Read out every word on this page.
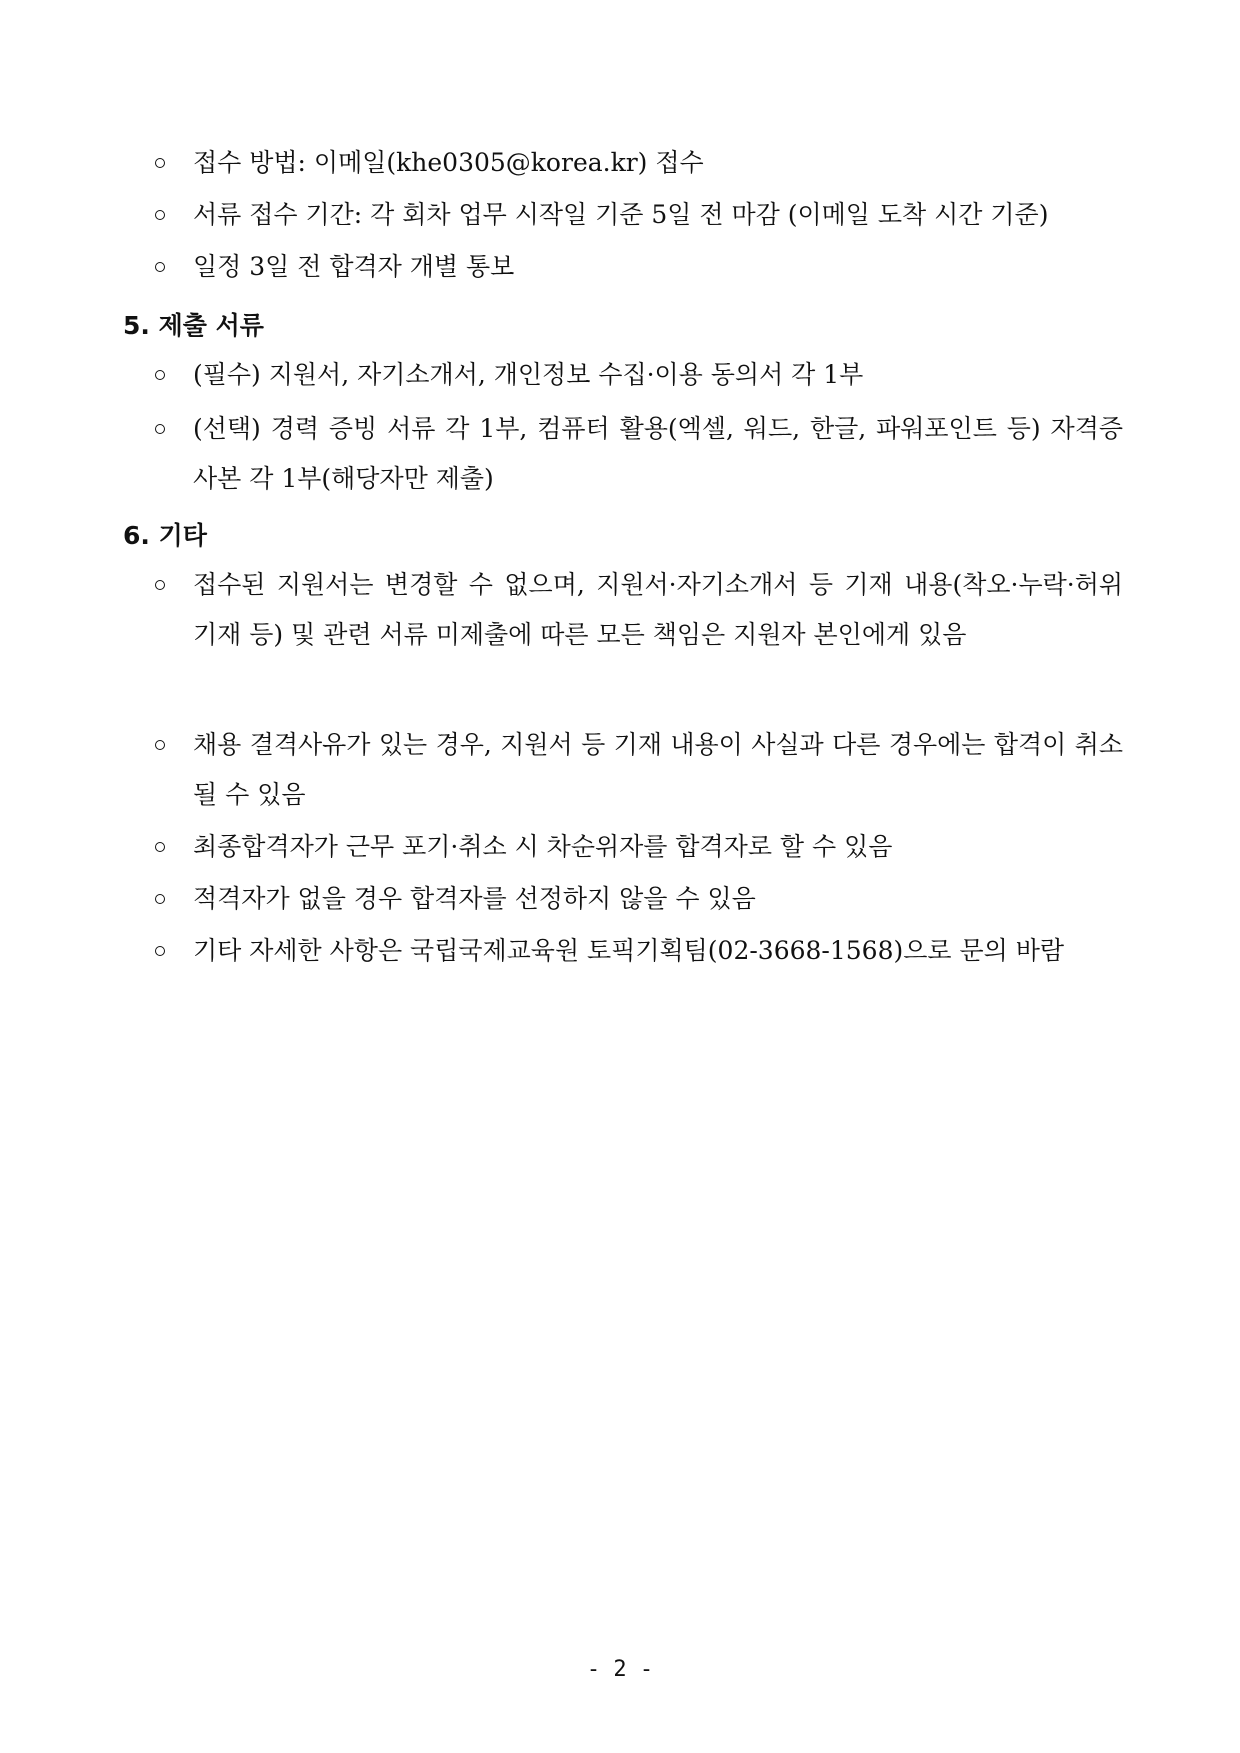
접수 방법: 이메일(khe0305@korea.kr) 접수
서류 접수 기간: 각 회차 업무 시작일 기준 5일 전 마감 (이메일 도착 시간 기준)
일정 3일 전 합격자 개별 통보
5. 제출 서류
(필수) 지원서, 자기소개서, 개인정보 수집·이용 동의서 각 1부
(선택) 경력 증빙 서류 각 1부, 컴퓨터 활용(엑셀, 워드, 한글, 파워포인트 등) 자격증 사본 각 1부(해당자만 제출)
6. 기타
접수된 지원서는 변경할 수 없으며, 지원서·자기소개서 등 기재 내용(착오·누락·허위 기재 등) 및 관련 서류 미제출에 따른 모든 책임은 지원자 본인에게 있음
채용 결격사유가 있는 경우, 지원서 등 기재 내용이 사실과 다른 경우에는 합격이 취소될 수 있음
최종합격자가 근무 포기·취소 시 차순위자를 합격자로 할 수 있음
적격자가 없을 경우 합격자를 선정하지 않을 수 있음
기타 자세한 사항은 국립국제교육원 토픽기획팀(02-3668-1568)으로 문의 바람
- 2 -
